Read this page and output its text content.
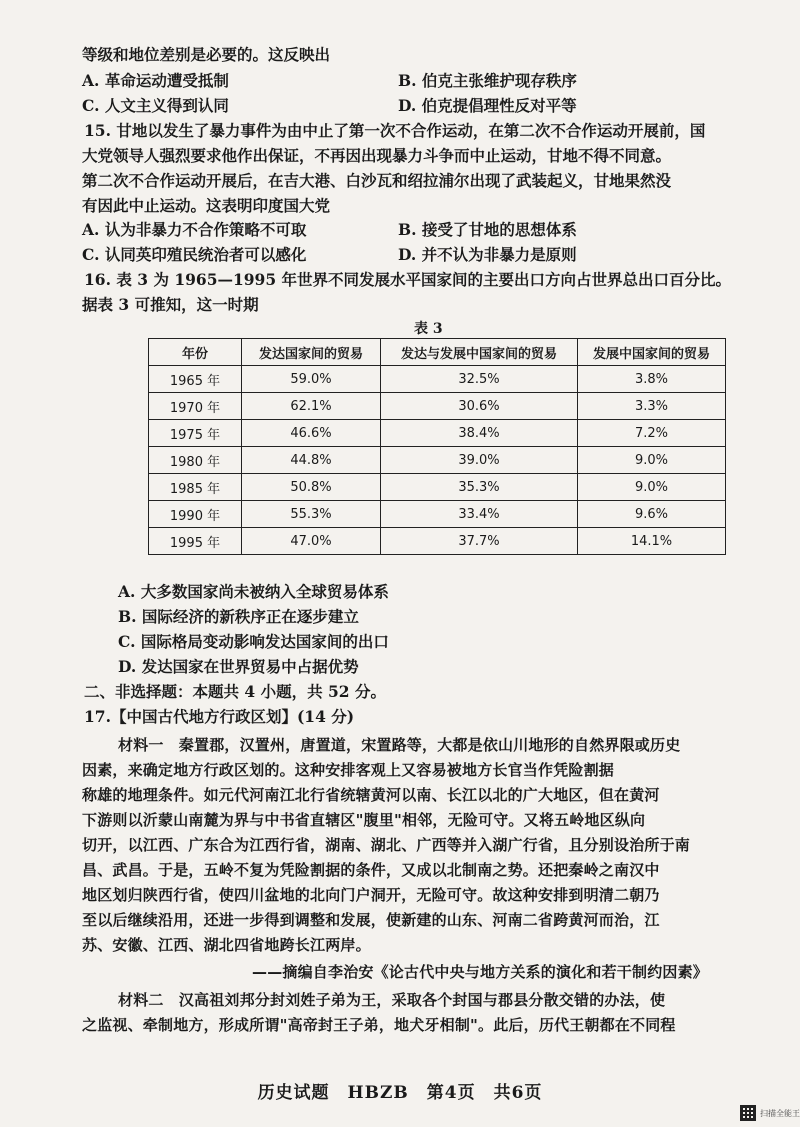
等级和地位差别是必要的。这反映出
A. 革命运动遭受抵制	B. 伯克主张维护现存秩序
C. 人文主义得到认同	D. 伯克提倡理性反对平等
15. 甘地以发生了暴力事件为由中止了第一次不合作运动，在第二次不合作运动开展前，国
大党领导人强烈要求他作出保证，不再因出现暴力斗争而中止运动，甘地不得不同意。
第二次不合作运动开展后，在吉大港、白沙瓦和绍拉浦尔出现了武装起义，甘地果然没
有因此中止运动。这表明印度国大党
A. 认为非暴力不合作策略不可取	B. 接受了甘地的思想体系
C. 认同英印殖民统治者可以感化	D. 并不认为非暴力是原则
16. 表 3 为 1965—1995 年世界不同发展水平国家间的主要出口方向占世界总出口百分比。
据表 3 可推知，这一时期
表 3
年份	发达国家间的贸易	发达与发展中国家间的贸易	发展中国家间的贸易
1965 年	59.0%	32.5%	3.8%
1970 年	62.1%	30.6%	3.3%
1975 年	46.6%	38.4%	7.2%
1980 年	44.8%	39.0%	9.0%
1985 年	50.8%	35.3%	9.0%
1990 年	55.3%	33.4%	9.6%
1995 年	47.0%	37.7%	14.1%
A. 大多数国家尚未被纳入全球贸易体系
B. 国际经济的新秩序正在逐步建立
C. 国际格局变动影响发达国家间的出口
D. 发达国家在世界贸易中占据优势
二、非选择题：本题共 4 小题，共 52 分。
17.【中国古代地方行政区划】(14 分)
材料一　秦置郡，汉置州，唐置道，宋置路等，大都是依山川地形的自然界限或历史
因素，来确定地方行政区划的。这种安排客观上又容易被地方长官当作凭险割据
称雄的地理条件。如元代河南江北行省统辖黄河以南、长江以北的广大地区，但在黄河
下游则以沂蒙山南麓为界与中书省直辖区"腹里"相邻，无险可守。又将五岭地区纵向
切开，以江西、广东合为江西行省，湖南、湖北、广西等并入湖广行省，且分别设治所于南
昌、武昌。于是，五岭不复为凭险割据的条件，又成以北制南之势。还把秦岭之南汉中
地区划归陕西行省，使四川盆地的北向门户洞开，无险可守。故这种安排到明清二朝乃
至以后继续沿用，还进一步得到调整和发展，使新建的山东、河南二省跨黄河而治，江
苏、安徽、江西、湖北四省地跨长江两岸。
——摘编自李治安《论古代中央与地方关系的演化和若干制约因素》
材料二　汉高祖刘邦分封刘姓子弟为王，采取各个封国与郡县分散交错的办法，使
之监视、牵制地方，形成所谓"高帝封王子弟，地犬牙相制"。此后，历代王朝都在不同程
历史试题　HBZB　第4页　共6页
扫描全能王
